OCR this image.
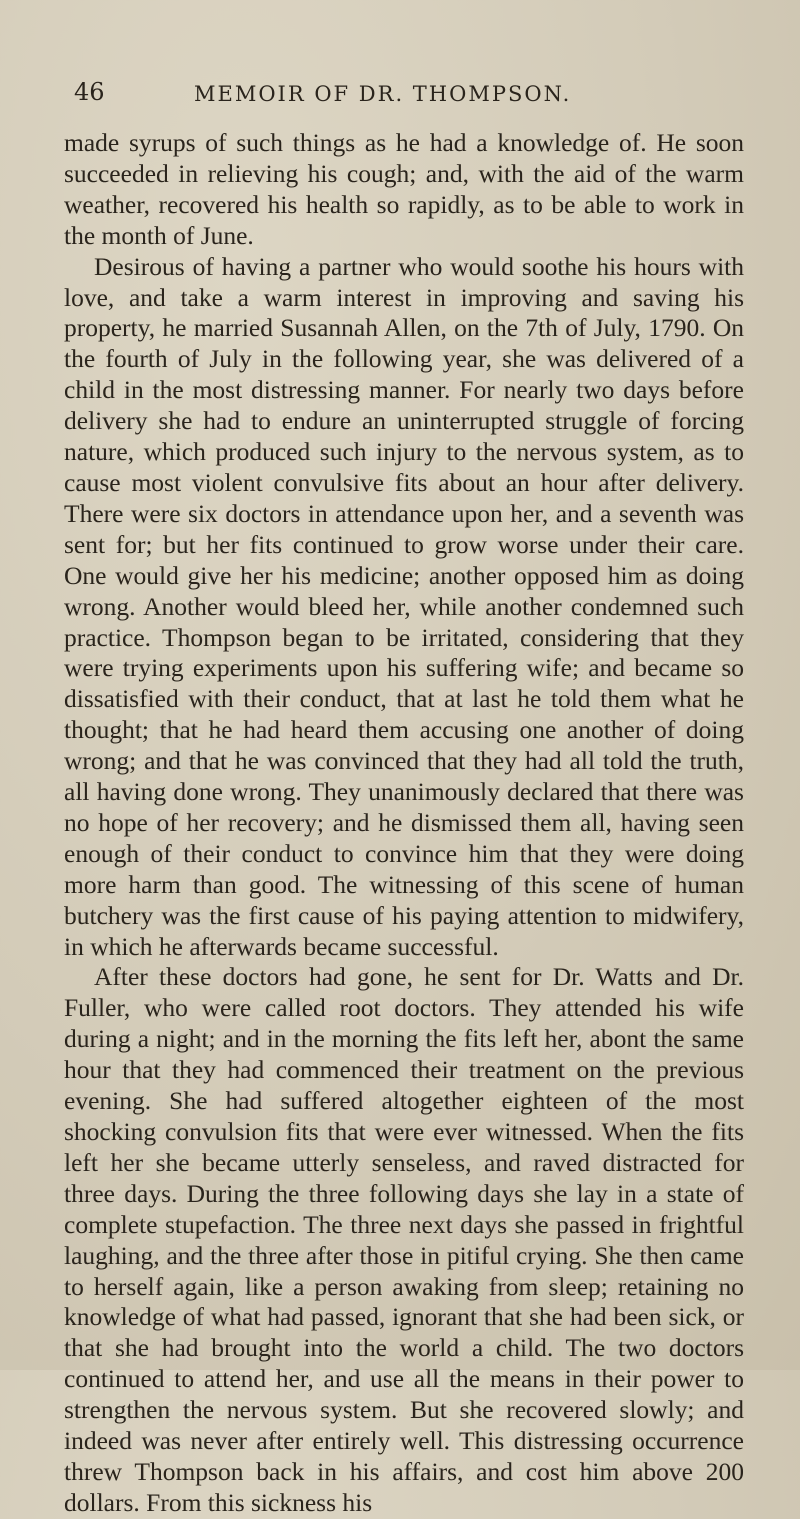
46	MEMOIR OF DR. THOMPSON.

made syrups of such things as he had a knowledge of. He soon succeeded in relieving his cough; and, with the aid of the warm weather, recovered his health so rapidly, as to be able to work in the month of June.

Desirous of having a partner who would soothe his hours with love, and take a warm interest in improving and saving his property, he married Susannah Allen, on the 7th of July, 1790. On the fourth of July in the following year, she was delivered of a child in the most distressing manner. For nearly two days before delivery she had to endure an uninterrupted struggle of forcing nature, which produced such injury to the nervous system, as to cause most violent convulsive fits about an hour after delivery. There were six doctors in attendance upon her, and a seventh was sent for; but her fits continued to grow worse under their care. One would give her his medicine; another opposed him as doing wrong. Another would bleed her, while another condemned such practice. Thompson began to be irritated, considering that they were trying experiments upon his suffering wife; and became so dissatisfied with their conduct, that at last he told them what he thought; that he had heard them accusing one another of doing wrong; and that he was convinced that they had all told the truth, all having done wrong. They unanimously declared that there was no hope of her recovery; and he dismissed them all, having seen enough of their conduct to convince him that they were doing more harm than good. The witnessing of this scene of human butchery was the first cause of his paying attention to midwifery, in which he afterwards became successful.

After these doctors had gone, he sent for Dr. Watts and Dr. Fuller, who were called root doctors. They attended his wife during a night; and in the morning the fits left her, abont the same hour that they had commenced their treatment on the previous evening. She had suffered altogether eighteen of the most shocking convulsion fits that were ever witnessed. When the fits left her she became utterly senseless, and raved distracted for three days. During the three following days she lay in a state of complete stupefaction. The three next days she passed in frightful laughing, and the three after those in pitiful crying. She then came to herself again, like a person awaking from sleep; retaining no knowledge of what had passed, ignorant that she had been sick, or that she had brought into the world a child. The two doctors continued to attend her, and use all the means in their power to strengthen the nervous system. But she recovered slowly; and indeed was never after entirely well. This distressing occurrence threw Thompson back in his affairs, and cost him above 200 dollars. From this sickness his
